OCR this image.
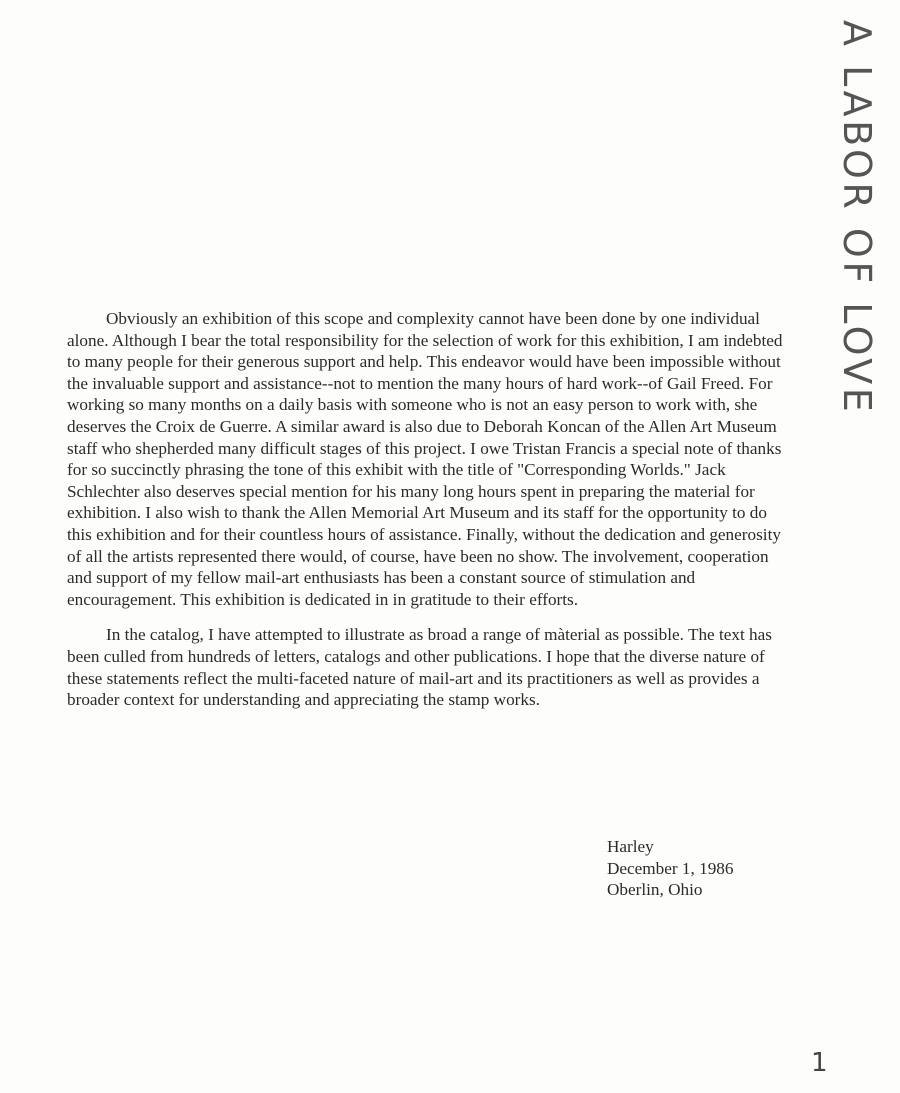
A LABOR OF LOVE

Obviously an exhibition of this scope and complexity cannot have been done by one individual alone. Although I bear the total responsibility for the selection of work for this exhibition, I am indebted to many people for their generous support and help. This endeavor would have been impossible without the invaluable support and assistance--not to mention the many hours of hard work--of Gail Freed. For working so many months on a daily basis with someone who is not an easy person to work with, she deserves the Croix de Guerre. A similar award is also due to Deborah Koncan of the Allen Art Museum staff who shepherded many difficult stages of this project. I owe Tristan Francis a special note of thanks for so succinctly phrasing the tone of this exhibit with the title of "Corresponding Worlds." Jack Schlechter also deserves special mention for his many long hours spent in preparing the material for exhibition. I also wish to thank the Allen Memorial Art Museum and its staff for the opportunity to do this exhibition and for their countless hours of assistance. Finally, without the dedication and generosity of all the artists represented there would, of course, have been no show. The involvement, cooperation and support of my fellow mail-art enthusiasts has been a constant source of stimulation and encouragement. This exhibition is dedicated in in gratitude to their efforts.

In the catalog, I have attempted to illustrate as broad a range of màterial as possible. The text has been culled from hundreds of letters, catalogs and other publications. I hope that the diverse nature of these statements reflect the multi-faceted nature of mail-art and its practitioners as well as provides a broader context for understanding and appreciating the stamp works.

Harley
December 1, 1986
Oberlin, Ohio
1
